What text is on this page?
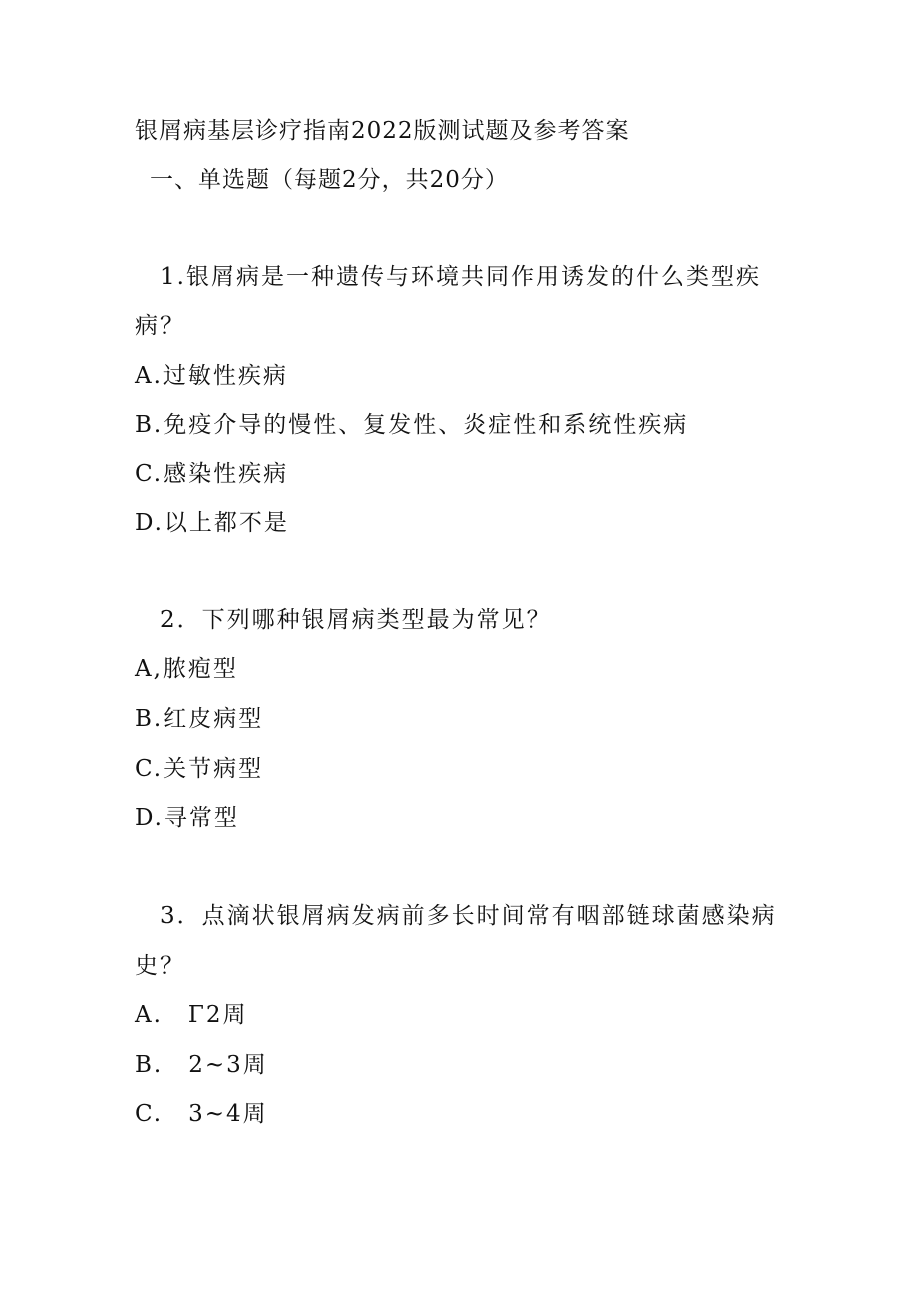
银屑病基层诊疗指南2022版测试题及参考答案
一、单选题（每题2分，共20分）
1.银屑病是一种遗传与环境共同作用诱发的什么类型疾
病？
A.过敏性疾病
B.免疫介导的慢性、复发性、炎症性和系统性疾病
C.感染性疾病
D.以上都不是
2．下列哪种银屑病类型最为常见？
A,脓疱型
B.红皮病型
C.关节病型
D.寻常型
3．点滴状银屑病发病前多长时间常有咽部链球菌感染病
史？
A.　Γ2周
B.　2~3周
C.　3~4周
